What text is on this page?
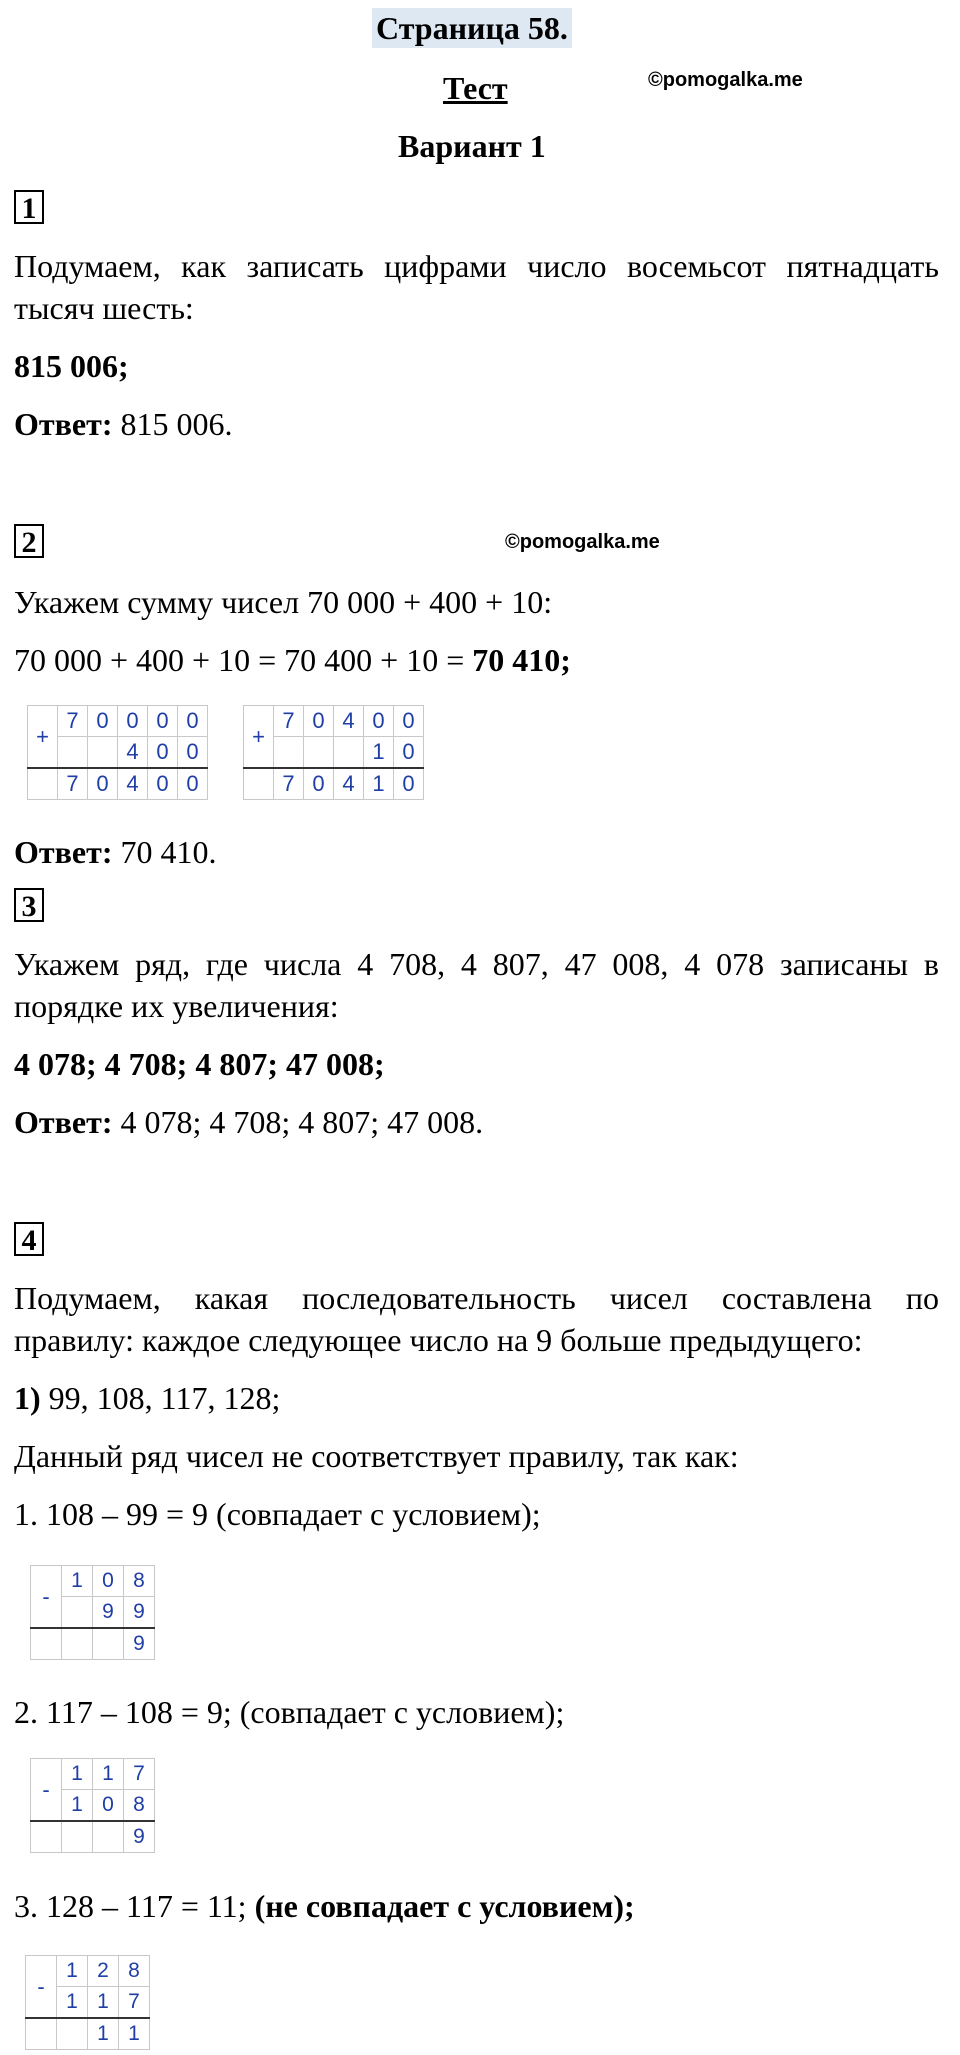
Страница 58.
Тест	©pomogalka.me
Вариант 1
1
Подумаем, как записать цифрами число восемьсот пятнадцать
тысяч шесть:
815 006;
Ответ: 815 006.
2	©pomogalka.me
Укажем сумму чисел 70 000 + 400 + 10:
70 000 + 400 + 10 = 70 400 + 10 = 70 410;
+	7	0	0	0	0
			4	0	0
	7	0	4	0	0
+	7	0	4	0	0
				1	0
	7	0	4	1	0
Ответ: 70 410.
3
Укажем ряд, где числа 4 708, 4 807, 47 008, 4 078 записаны в
порядке их увеличения:
4 078; 4 708; 4 807; 47 008;
Ответ: 4 078; 4 708; 4 807; 47 008.
4
Подумаем, какая последовательность чисел составлена по
правилу: каждое следующее число на 9 больше предыдущего:
1) 99, 108, 117, 128;
Данный ряд чисел не соответствует правилу, так как:
1. 108 – 99 = 9 (совпадает с условием);
-	1	0	8
		9	9
			9
2. 117 – 108 = 9; (совпадает с условием);
-	1	1	7
	1	0	8
			9
3. 128 – 117 = 11; (не совпадает с условием);
-	1	2	8
	1	1	7
		1	1
